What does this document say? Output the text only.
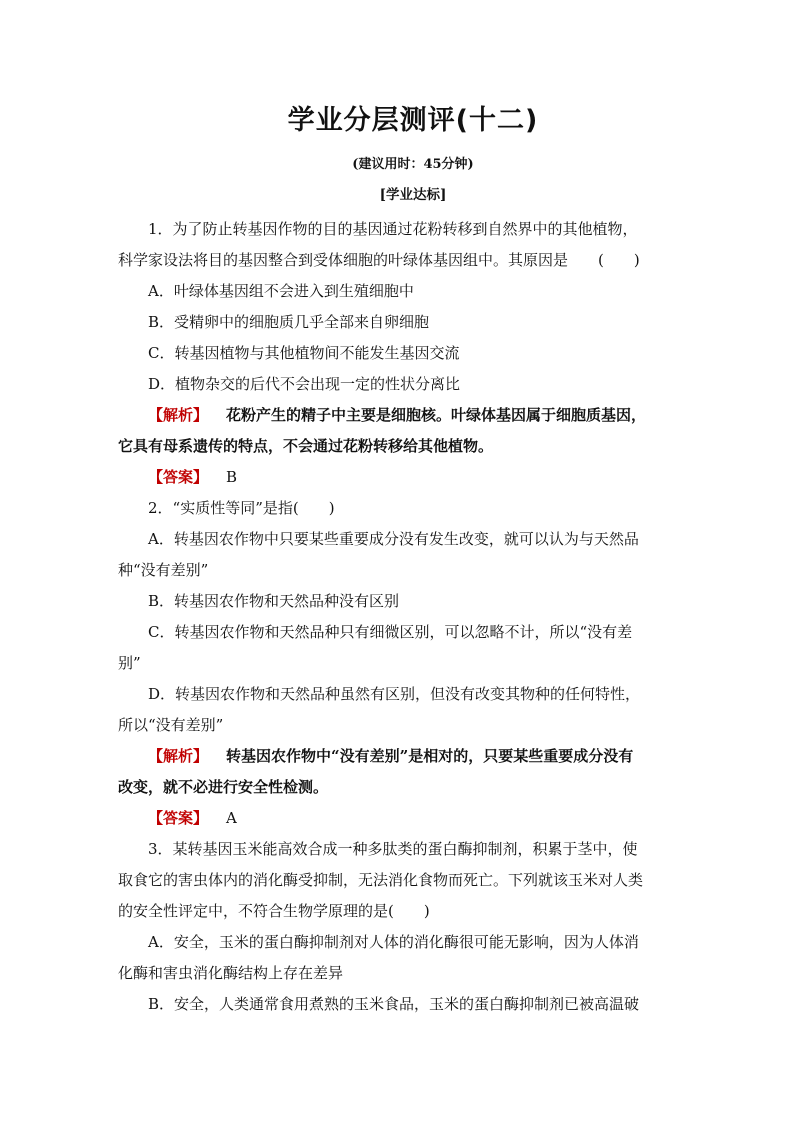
学业分层测评(十二)
(建议用时：45分钟)
[学业达标]
1．为了防止转基因作物的目的基因通过花粉转移到自然界中的其他植物，
科学家设法将目的基因整合到受体细胞的叶绿体基因组中。其原因是　　(　　)
A．叶绿体基因组不会进入到生殖细胞中
B．受精卵中的细胞质几乎全部来自卵细胞
C．转基因植物与其他植物间不能发生基因交流
D．植物杂交的后代不会出现一定的性状分离比
【解析】 花粉产生的精子中主要是细胞核。叶绿体基因属于细胞质基因，
它具有母系遗传的特点，不会通过花粉转移给其他植物。
【答案】 B
2．“实质性等同”是指(　　)
A．转基因农作物中只要某些重要成分没有发生改变，就可以认为与天然品
种“没有差别”
B．转基因农作物和天然品种没有区别
C．转基因农作物和天然品种只有细微区别，可以忽略不计，所以“没有差
别”
D．转基因农作物和天然品种虽然有区别，但没有改变其物种的任何特性，
所以“没有差别”
【解析】 转基因农作物中“没有差别”是相对的，只要某些重要成分没有
改变，就不必进行安全性检测。
【答案】 A
3．某转基因玉米能高效合成一种多肽类的蛋白酶抑制剂，积累于茎中，使
取食它的害虫体内的消化酶受抑制，无法消化食物而死亡。下列就该玉米对人类
的安全性评定中，不符合生物学原理的是(　　)
A．安全，玉米的蛋白酶抑制剂对人体的消化酶很可能无影响，因为人体消
化酶和害虫消化酶结构上存在差异
B．安全，人类通常食用煮熟的玉米食品，玉米的蛋白酶抑制剂已被高温破
